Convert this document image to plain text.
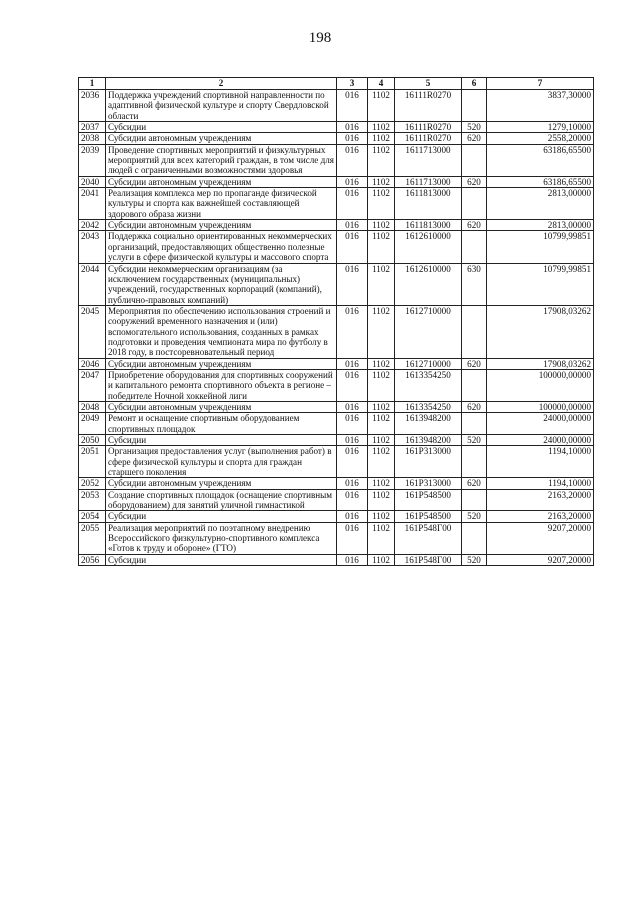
198
1	2	3	4	5	6	7
2036	Поддержка учреждений спортивной направленности по адаптивной физической культуре и спорту Свердловской области	016	1102	16111R0270		3837,30000
2037	Субсидии	016	1102	16111R0270	520	1279,10000
2038	Субсидии автономным учреждениям	016	1102	16111R0270	620	2558,20000
2039	Проведение спортивных мероприятий и физкультурных мероприятий для всех категорий граждан, в том числе для людей с ограниченными возможностями здоровья	016	1102	1611713000		63186,65500
2040	Субсидии автономным учреждениям	016	1102	1611713000	620	63186,65500
2041	Реализация комплекса мер по пропаганде физической культуры и спорта как важнейшей составляющей здорового образа жизни	016	1102	1611813000		2813,00000
2042	Субсидии автономным учреждениям	016	1102	1611813000	620	2813,00000
2043	Поддержка социально ориентированных некоммерческих организаций, предоставляющих общественно полезные услуги в сфере физической культуры и массового спорта	016	1102	1612610000		10799,99851
2044	Субсидии некоммерческим организациям (за исключением государственных (муниципальных) учреждений, государственных корпораций (компаний), публично-правовых компаний)	016	1102	1612610000	630	10799,99851
2045	Мероприятия по обеспечению использования строений и сооружений временного назначения и (или) вспомогательного использования, созданных в рамках подготовки и проведения чемпионата мира по футболу в 2018 году, в постсоревновательный период	016	1102	1612710000		17908,03262
2046	Субсидии автономным учреждениям	016	1102	1612710000	620	17908,03262
2047	Приобретение оборудования для спортивных сооружений и капитального ремонта спортивного объекта в регионе – победителе Ночной хоккейной лиги	016	1102	1613354250		100000,00000
2048	Субсидии автономным учреждениям	016	1102	1613354250	620	100000,00000
2049	Ремонт и оснащение спортивным оборудованием спортивных площадок	016	1102	1613948200		24000,00000
2050	Субсидии	016	1102	1613948200	520	24000,00000
2051	Организация предоставления услуг (выполнения работ) в сфере физической культуры и спорта для граждан старшего поколения	016	1102	161P313000		1194,10000
2052	Субсидии автономным учреждениям	016	1102	161P313000	620	1194,10000
2053	Создание спортивных площадок (оснащение спортивным оборудованием) для занятий уличной гимнастикой	016	1102	161P548500		2163,20000
2054	Субсидии	016	1102	161P548500	520	2163,20000
2055	Реализация мероприятий по поэтапному внедрению Всероссийского физкультурно-спортивного комплекса «Готов к труду и обороне» (ГТО)	016	1102	161P548Г00		9207,20000
2056	Субсидии	016	1102	161P548Г00	520	9207,20000
